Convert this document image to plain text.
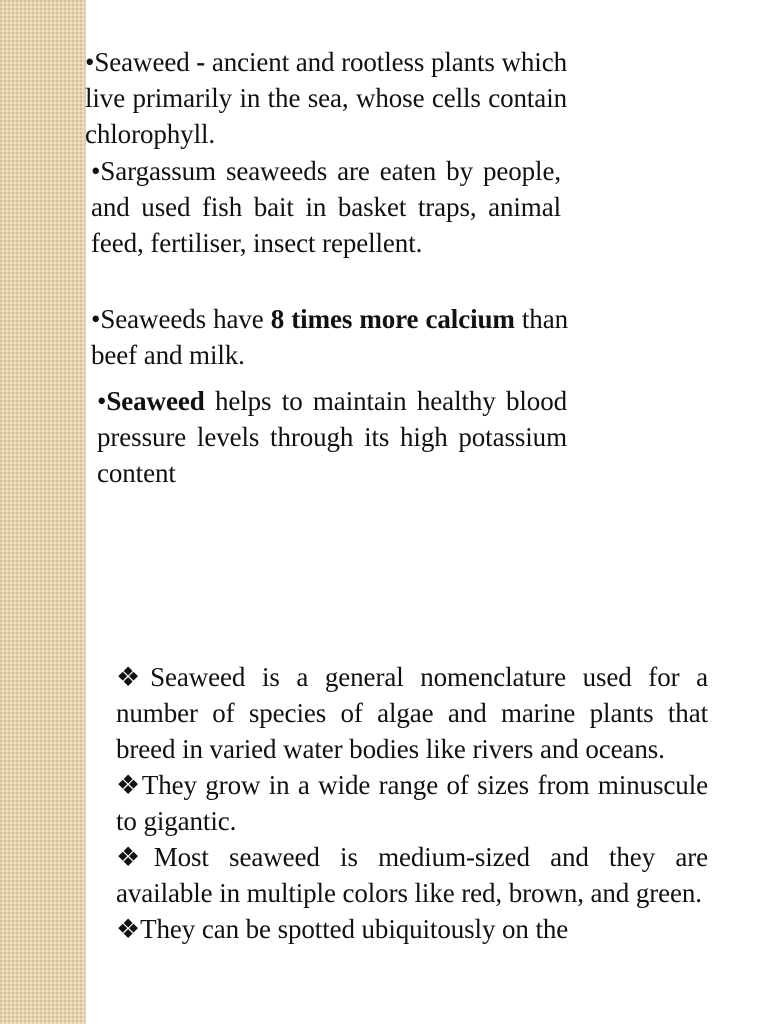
•Seaweed - ancient and rootless plants which live primarily in the sea, whose cells contain chlorophyll.

•Sargassum seaweeds are eaten by people, and used fish bait in basket traps, animal feed, fertiliser, insect repellent.

•Seaweeds have 8 times more calcium than beef and milk.

•Seaweed helps to maintain healthy blood pressure levels through its high potassium content

❖Seaweed is a general nomenclature used for a number of species of algae and marine plants that breed in varied water bodies like rivers and oceans.

❖They grow in a wide range of sizes from minuscule to gigantic.

❖Most seaweed is medium-sized and they are available in multiple colors like red, brown, and green.

❖They can be spotted ubiquitously on the
